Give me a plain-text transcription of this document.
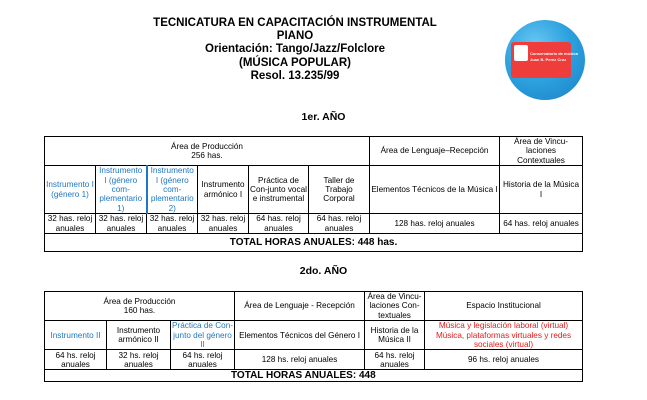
TECNICATURA EN CAPACITACIÓN INSTRUMENTAL
PIANO
Orientación: Tango/Jazz/Folclore
(MÚSICA POPULAR)
Resol. 13.235/99
Conservatorio de música
Juan B. Perez Cruz
1er. AÑO
Área de Producción
256 has.						Área de Lenguaje–Recepción	Área de Vincu-laciones Contextuales
Instrumento I (género 1)	Instrumento I (género com-plementario 1)	Instrumento I (género com-plementario 2)	Instrumento armónico I	Práctica de Con-junto vocal e instrumental	Taller de Trabajo Corporal	Elementos Técnicos de la Música I	Historia de la Música I
32 has. reloj anuales	32 has. reloj anuales	32 has. reloj anuales	32 has. reloj anuales	64 has. reloj anuales	64 has. reloj anuales	128 has. reloj anuales	64 has. reloj anuales
TOTAL HORAS ANUALES: 448 has.							
2do. AÑO
Área de Producción
160 has.			Área de Lenguaje - Recepción	Área de Vincu-laciones Con-textuales	Espacio Institucional
Instrumento II	Instrumento armónico II	Práctica de Con-junto del género II	Elementos Técnicos del Género I	Historia de la Música II	Música y legislación laboral (virtual) Música, plataformas virtuales y redes sociales (virtual)
64 hs. reloj anuales	32 hs. reloj anuales	64 hs. reloj anuales	128 hs. reloj anuales	64 hs. reloj anuales	96 hs. reloj anuales
TOTAL HORAS ANUALES: 448					
